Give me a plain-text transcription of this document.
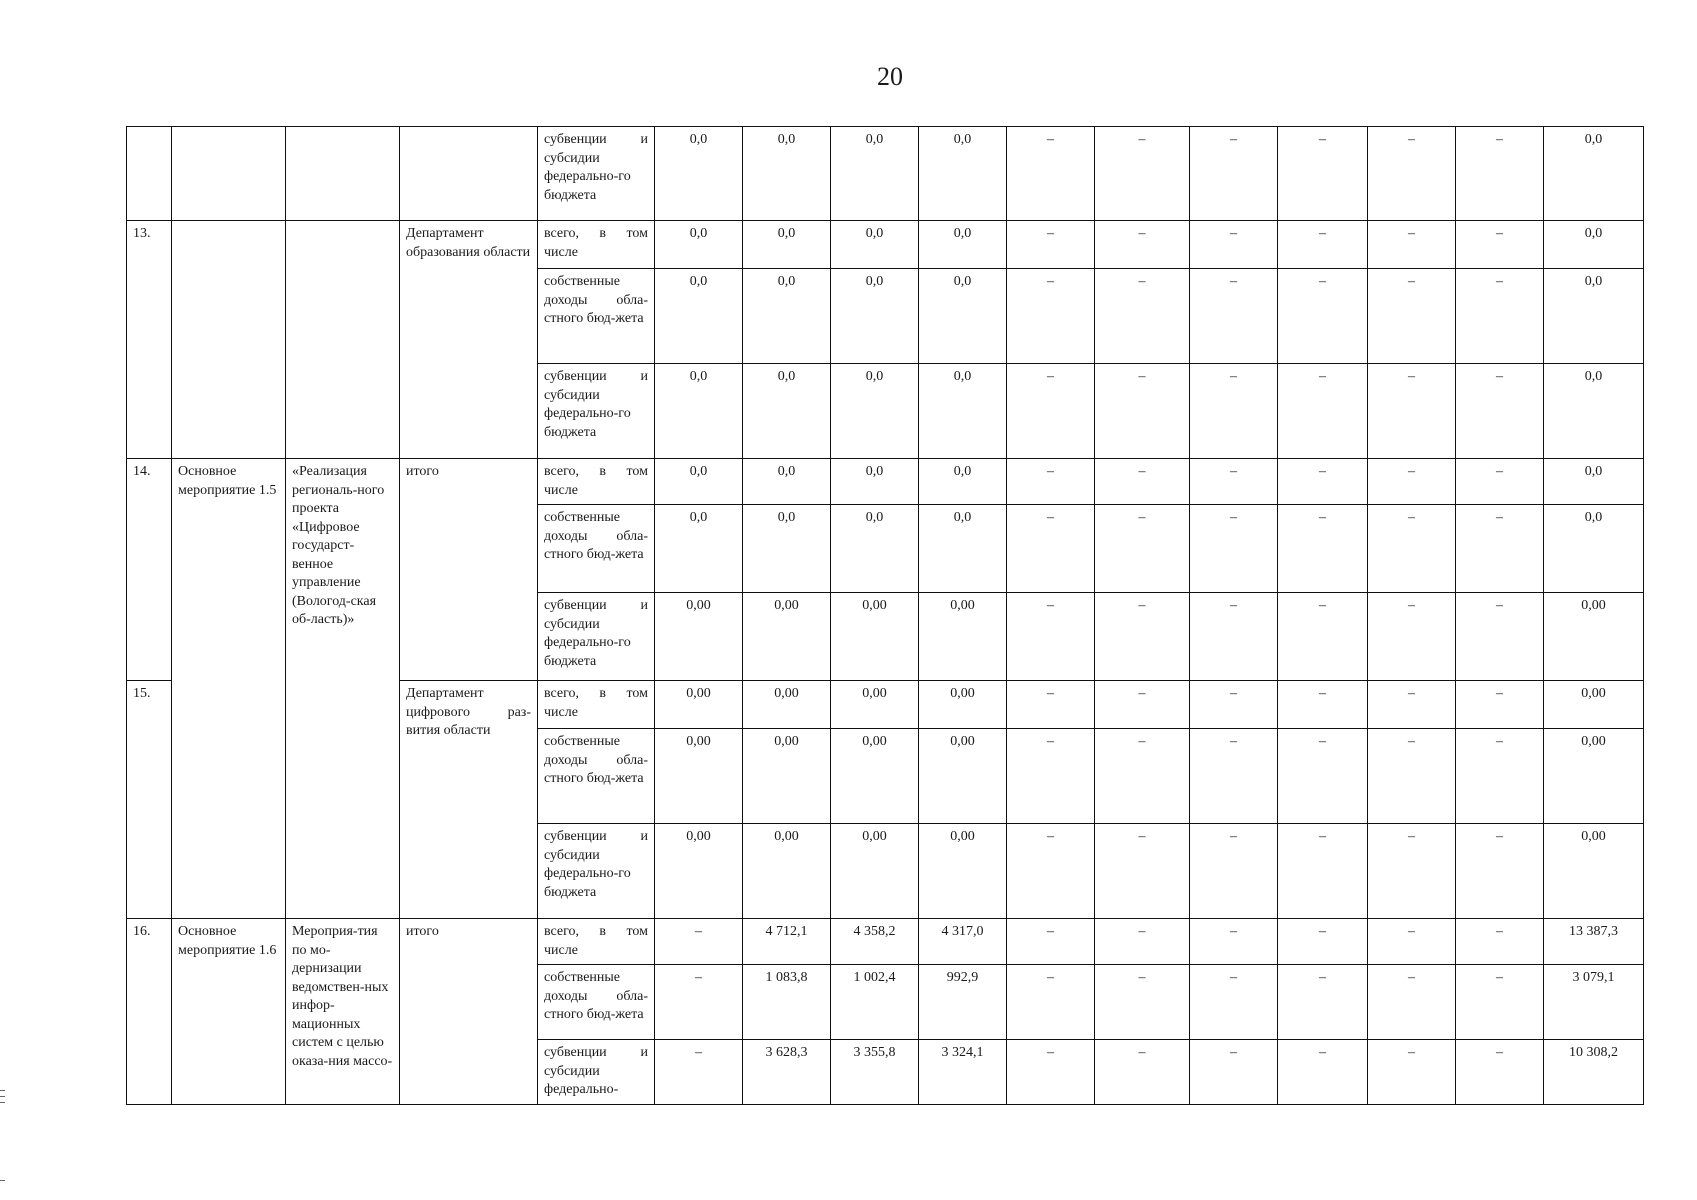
20
				субвенции и субсидии федерально-го бюджета	0,0	0,0	0,0	0,0	–	–	–	–	–	–	0,0
13.			Департамент образования области	всего, в том числе	0,0	0,0	0,0	0,0	–	–	–	–	–	–	0,0
				собственные доходы обла-стного бюд-жета	0,0	0,0	0,0	0,0	–	–	–	–	–	–	0,0
				субвенции и субсидии федерально-го бюджета	0,0	0,0	0,0	0,0	–	–	–	–	–	–	0,0
14.	Основное мероприятие 1.5	«Реализация региональ-ного проекта «Цифровое государст-венное управление (Вологод-ская об-ласть)»	итого	всего, в том числе	0,0	0,0	0,0	0,0	–	–	–	–	–	–	0,0
				собственные доходы обла-стного бюд-жета	0,0	0,0	0,0	0,0	–	–	–	–	–	–	0,0
				субвенции и субсидии федерально-го бюджета	0,00	0,00	0,00	0,00	–	–	–	–	–	–	0,00
15.			Департамент цифрового раз-вития области	всего, в том числе	0,00	0,00	0,00	0,00	–	–	–	–	–	–	0,00
				собственные доходы обла-стного бюд-жета	0,00	0,00	0,00	0,00	–	–	–	–	–	–	0,00
				субвенции и субсидии федерально-го бюджета	0,00	0,00	0,00	0,00	–	–	–	–	–	–	0,00
16.	Основное мероприятие 1.6	Мероприя-тия по мо-дернизации ведомствен-ных инфор-мационных систем с целью оказа-ния массо-	итого	всего, в том числе	–	4 712,1	4 358,2	4 317,0	–	–	–	–	–	–	13 387,3
				собственные доходы обла-стного бюд-жета	–	1 083,8	1 002,4	992,9	–	–	–	–	–	–	3 079,1
				субвенции и субсидии федерально-	–	3 628,3	3 355,8	3 324,1	–	–	–	–	–	–	10 308,2
